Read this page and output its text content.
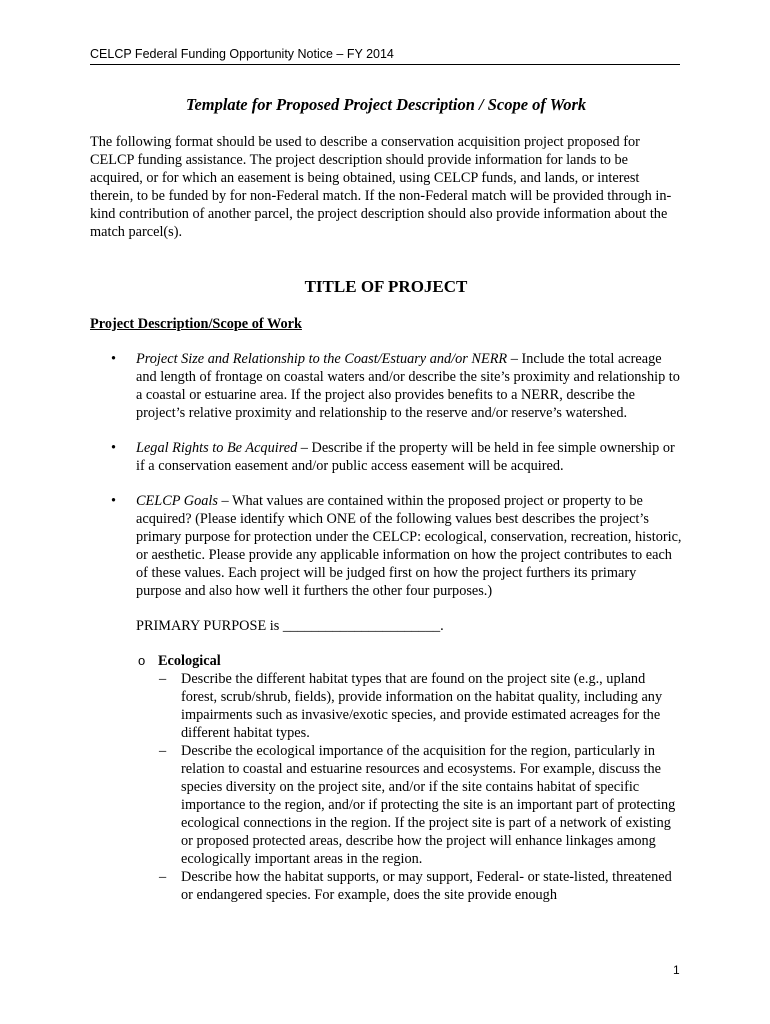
CELCP Federal Funding Opportunity Notice – FY 2014

Template for Proposed Project Description / Scope of Work

The following format should be used to describe a conservation acquisition project proposed for CELCP funding assistance. The project description should provide information for lands to be acquired, or for which an easement is being obtained, using CELCP funds, and lands, or interest therein, to be funded by for non-Federal match. If the non-Federal match will be provided through in-kind contribution of another parcel, the project description should also provide information about the match parcel(s).

TITLE OF PROJECT

Project Description/Scope of Work

• Project Size and Relationship to the Coast/Estuary and/or NERR – Include the total acreage and length of frontage on coastal waters and/or describe the site’s proximity and relationship to a coastal or estuarine area. If the project also provides benefits to a NERR, describe the project’s relative proximity and relationship to the reserve and/or reserve’s watershed.
• Legal Rights to Be Acquired – Describe if the property will be held in fee simple ownership or if a conservation easement and/or public access easement will be acquired.
• CELCP Goals – What values are contained within the proposed project or property to be acquired? (Please identify which ONE of the following values best describes the project’s primary purpose for protection under the CELCP: ecological, conservation, recreation, historic, or aesthetic. Please provide any applicable information on how the project contributes to each of these values. Each project will be judged first on how the project furthers its primary purpose and also how well it furthers the other four purposes.)

PRIMARY PURPOSE is ______________________.

o Ecological
– Describe the different habitat types that are found on the project site (e.g., upland forest, scrub/shrub, fields), provide information on the habitat quality, including any impairments such as invasive/exotic species, and provide estimated acreages for the different habitat types.
– Describe the ecological importance of the acquisition for the region, particularly in relation to coastal and estuarine resources and ecosystems. For example, discuss the species diversity on the project site, and/or if the site contains habitat of specific importance to the region, and/or if protecting the site is an important part of protecting ecological connections in the region. If the project site is part of a network of existing or proposed protected areas, describe how the project will enhance linkages among ecologically important areas in the region.
– Describe how the habitat supports, or may support, Federal- or state-listed, threatened or endangered species. For example, does the site provide enough
1
